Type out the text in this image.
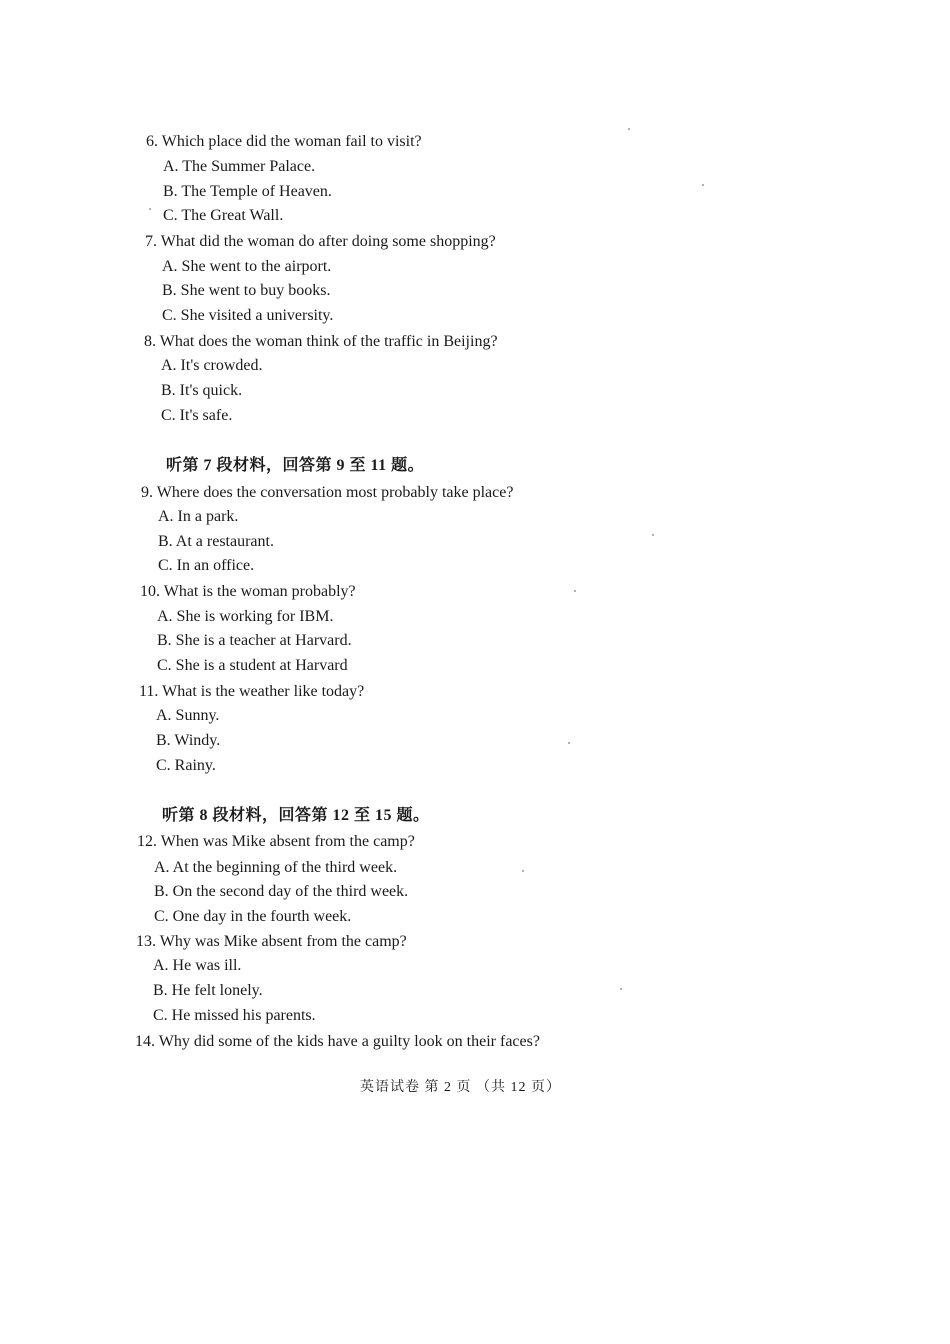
6. Which place did the woman fail to visit?
A. The Summer Palace.
B. The Temple of Heaven.
C. The Great Wall.
7. What did the woman do after doing some shopping?
A. She went to the airport.
B. She went to buy books.
C. She visited a university.
8. What does the woman think of the traffic in Beijing?
A. It's crowded.
B. It's quick.
C. It's safe.
听第 7 段材料，回答第 9 至 11 题。
9. Where does the conversation most probably take place?
A. In a park.
B. At a restaurant.
C. In an office.
10. What is the woman probably?
A. She is working for IBM.
B. She is a teacher at Harvard.
C. She is a student at Harvard
11. What is the weather like today?
A. Sunny.
B. Windy.
C. Rainy.
听第 8 段材料，回答第 12 至 15 题。
12. When was Mike absent from the camp?
A. At the beginning of the third week.
B. On the second day of the third week.
C. One day in the fourth week.
13. Why was Mike absent from the camp?
A. He was ill.
B. He felt lonely.
C. He missed his parents.
14. Why did some of the kids have a guilty look on their faces?
英语试卷 第 2 页 （共 12 页）
